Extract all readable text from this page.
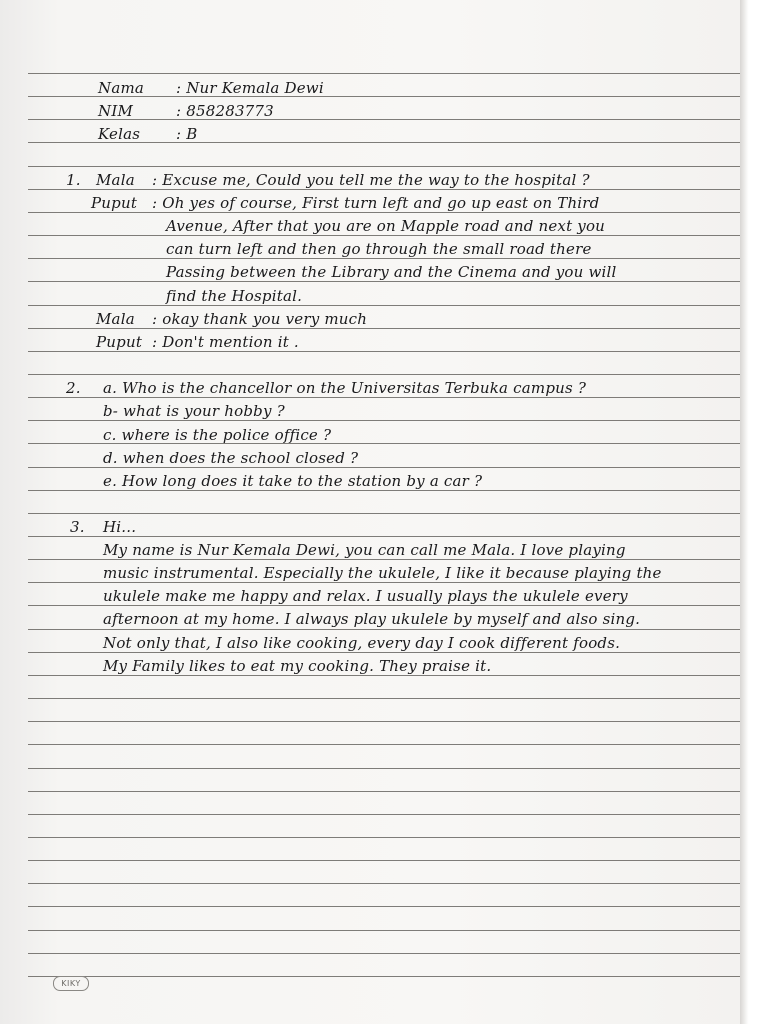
Nama : Nur Kemala Dewi
NIM	: 858283773
Kelas : B
1. Mala : Excuse me, Could you tell me the way to the hospital ?
Puput : Oh yes of course, First turn left and go up east on Third
Avenue, After that you are on Mapple road and next you
can turn left and then go through the small road there
Passing between the Library and the Cinema and you will
find the Hospital.
Mala : okay thank you very much
Puput : Don't mention it .
2. a. Who is the chancellor on the Universitas Terbuka campus ?
b- what is your hobby ?
c. where is the police office ?
d. when does the school closed ?
e. How long does it take to the station by a car ?
3. Hi...
My name is Nur Kemala Dewi, you can call me Mala. I love playing
music instrumental. Especially the ukulele, I like it because playing the
ukulele make me happy and relax. I usually plays the ukulele every
afternoon at my home. I always play ukulele by myself and also sing.
Not only that, I also like cooking, every day I cook different foods.
My Family likes to eat my cooking. They praise it.
KIKY
